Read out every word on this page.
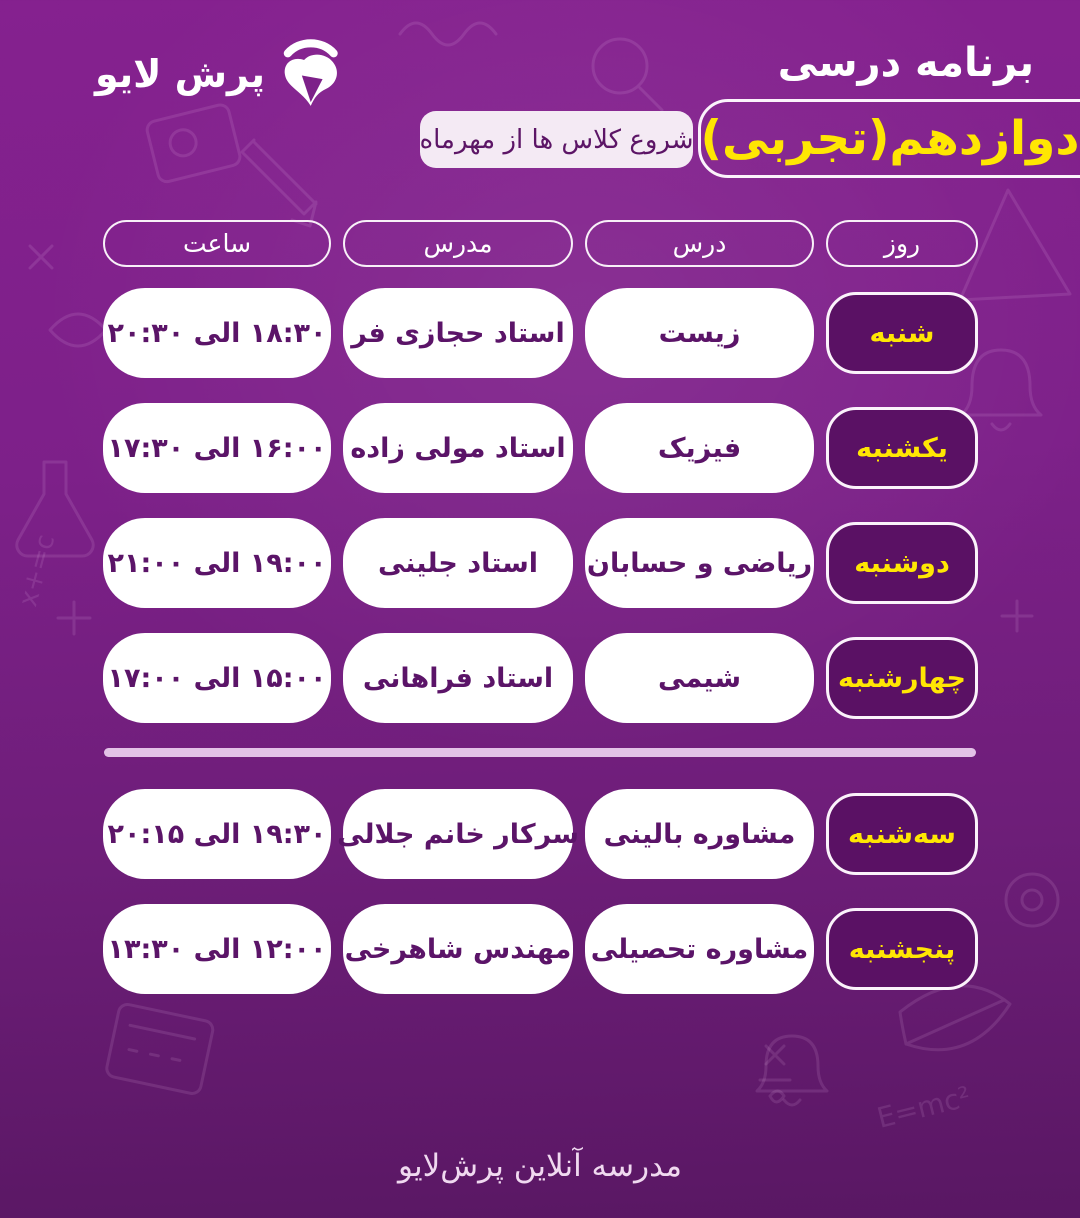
E=mc²
x+=c
پرش لایو	برنامه درسی
دوازدهم(تجربی)
شروع کلاس ها از مهرماه
روز
درس
مدرس
ساعت
شنبه
زیست
استاد حجازی فر
۱۸:۳۰ الی ۲۰:۳۰
یکشنبه
فیزیک
استاد مولی زاده
۱۶:۰۰ الی ۱۷:۳۰
دوشنبه
ریاضی و حسابان
استاد جلینی
۱۹:۰۰ الی ۲۱:۰۰
چهارشنبه
شیمی
استاد فراهانی
۱۵:۰۰ الی ۱۷:۰۰
سه‌شنبه
مشاوره بالینی
سرکار خانم جلالی
۱۹:۳۰ الی ۲۰:۱۵
پنجشنبه
مشاوره تحصیلی
مهندس شاهرخی
۱۲:۰۰ الی ۱۳:۳۰
مدرسه آنلاین پرش‌لایو
